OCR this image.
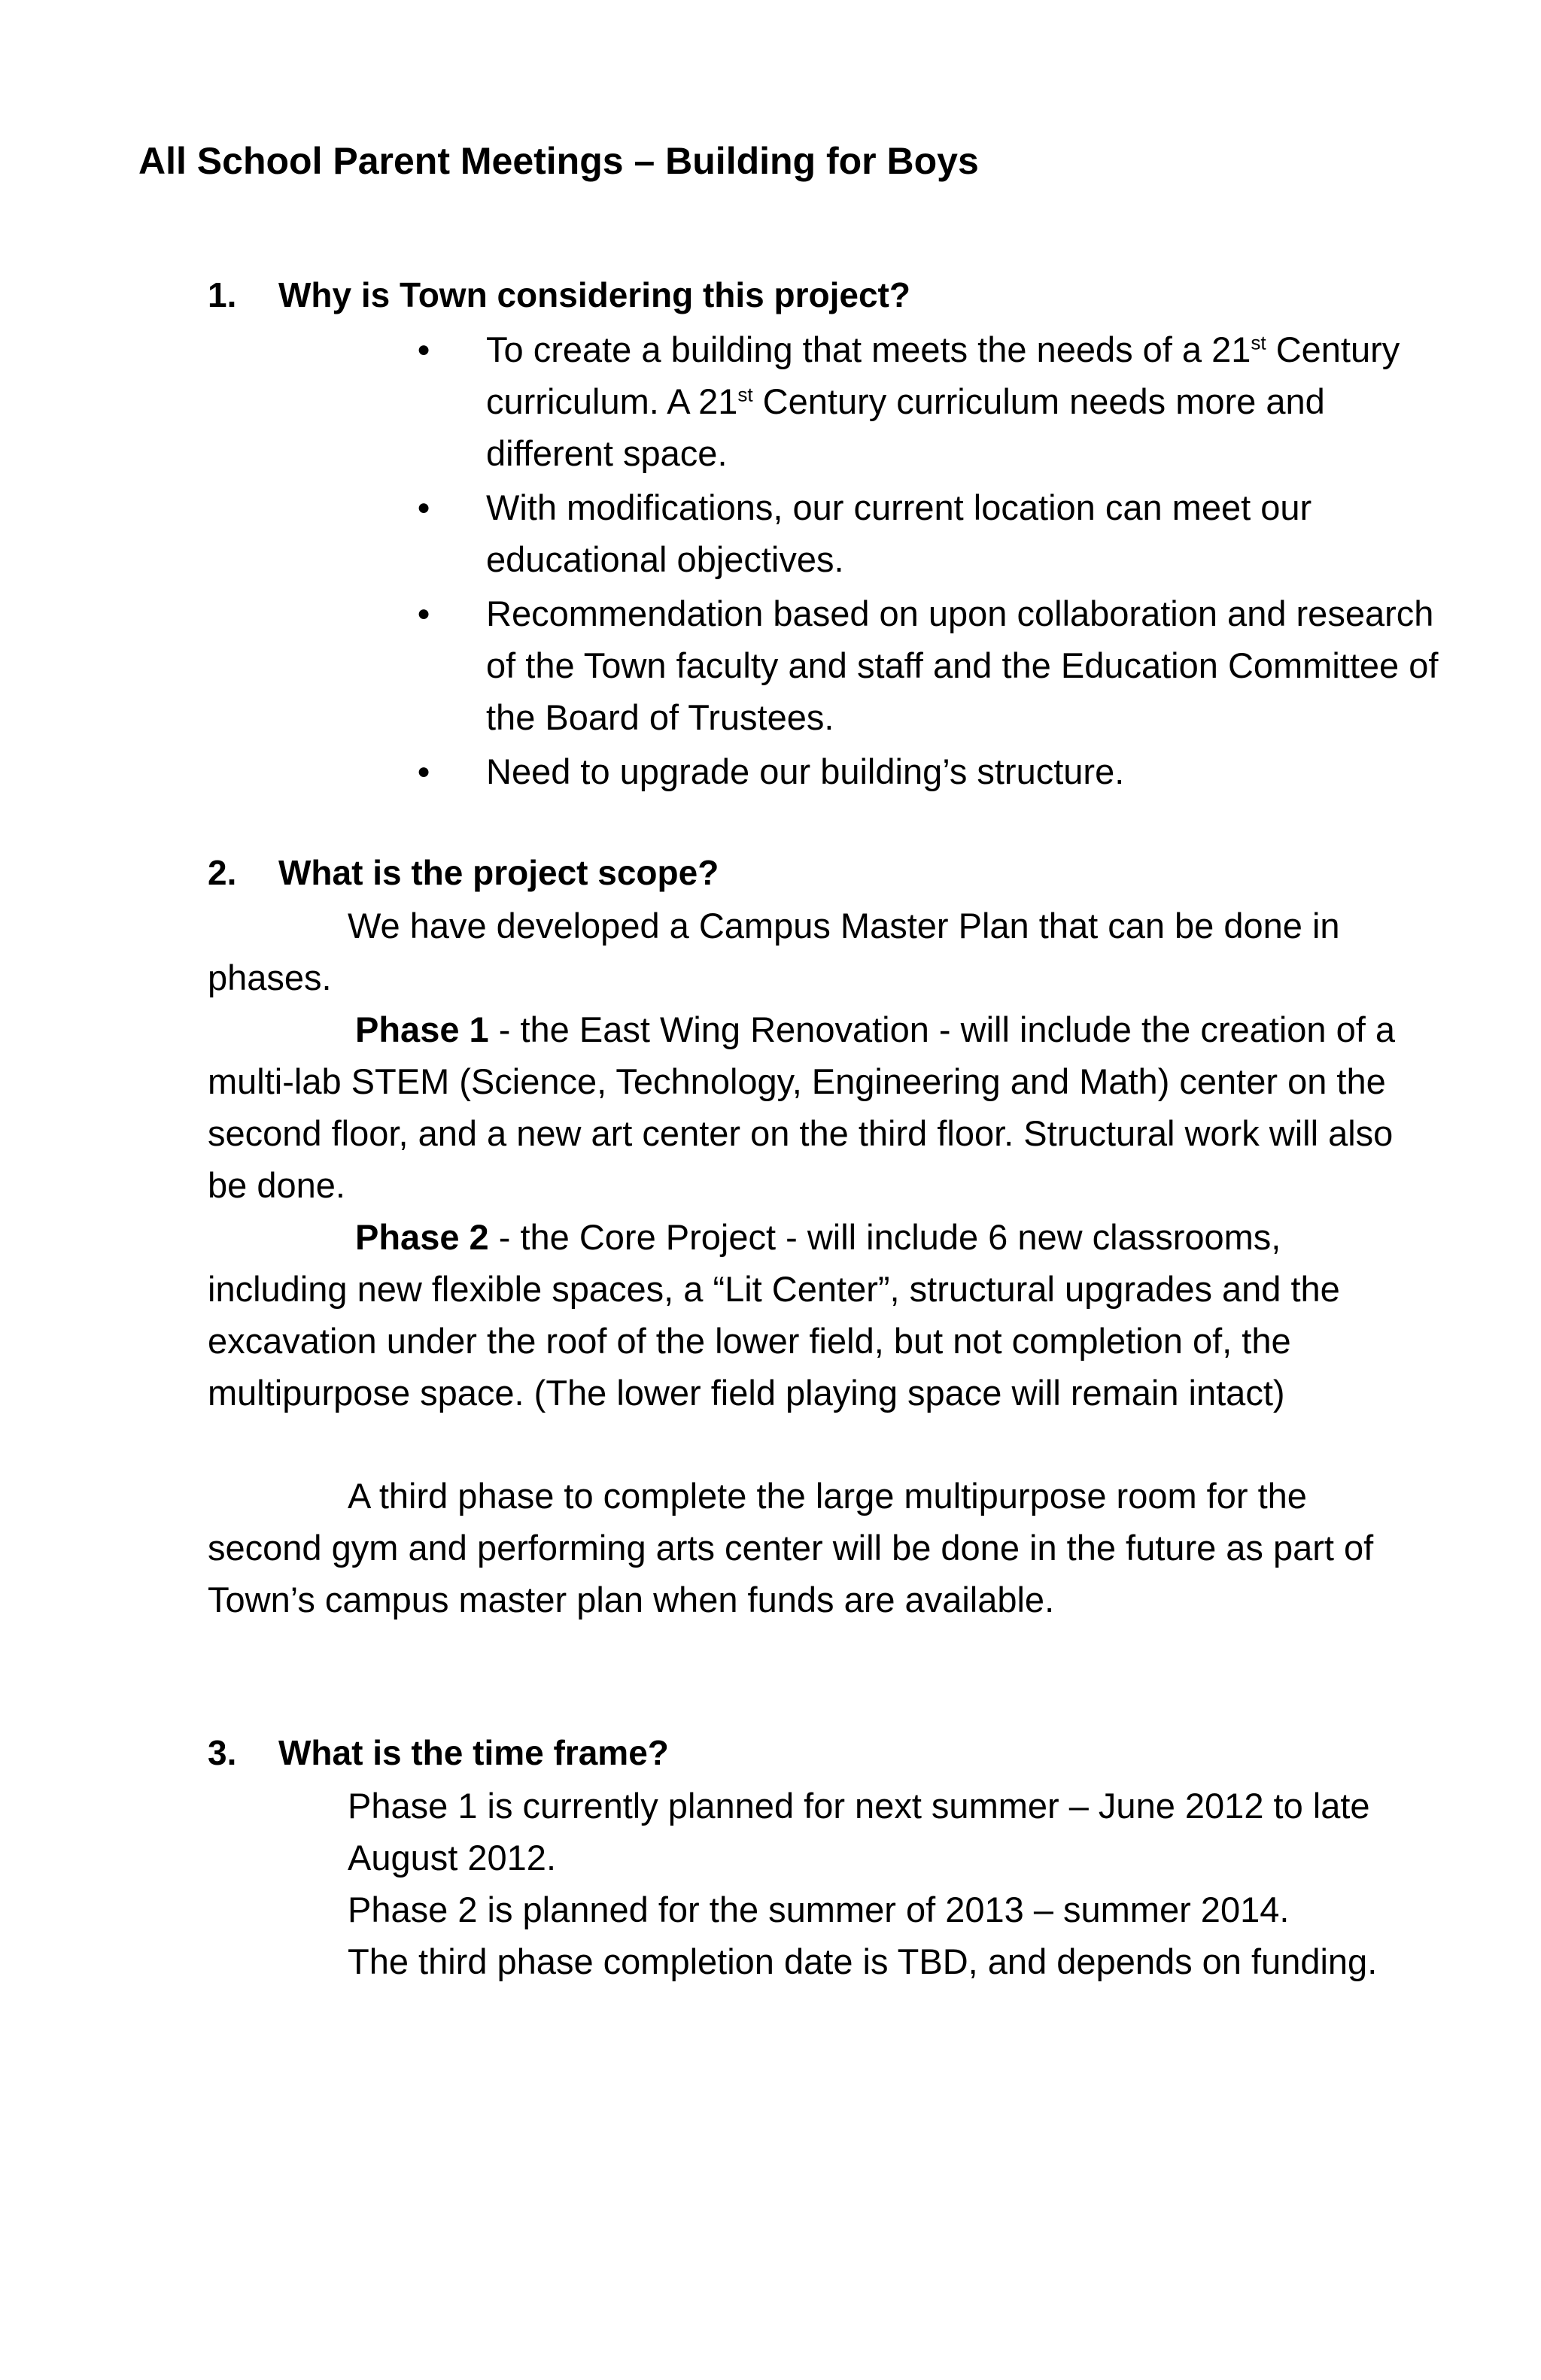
All School Parent Meetings – Building for Boys
1. Why is Town considering this project?

● To create a building that meets the needs of a 21st Century curriculum. A 21st Century curriculum needs more and different space.

● With modifications, our current location can meet our educational objectives.

● Recommendation based on upon collaboration and research of the Town faculty and staff and the Education Committee of the Board of Trustees.

● Need to upgrade our building’s structure.

2. What is the project scope?
We have developed a Campus Master Plan that can be done in phases.
Phase 1 - the East Wing Renovation - will include the creation of a multi-lab STEM (Science, Technology, Engineering and Math) center on the second floor, and a new art center on the third floor. Structural work will also be done.
Phase 2 - the Core Project - will include 6 new classrooms, including new flexible spaces, a “Lit Center”, structural upgrades and the excavation under the roof of the lower field, but not completion of, the multipurpose space. (The lower field playing space will remain intact)
A third phase to complete the large multipurpose room for the second gym and performing arts center will be done in the future as part of Town’s campus master plan when funds are available.
3. What is the time frame?
Phase 1 is currently planned for next summer – June 2012 to late August 2012.
Phase 2 is planned for the summer of 2013 – summer 2014.
The third phase completion date is TBD, and depends on funding.
